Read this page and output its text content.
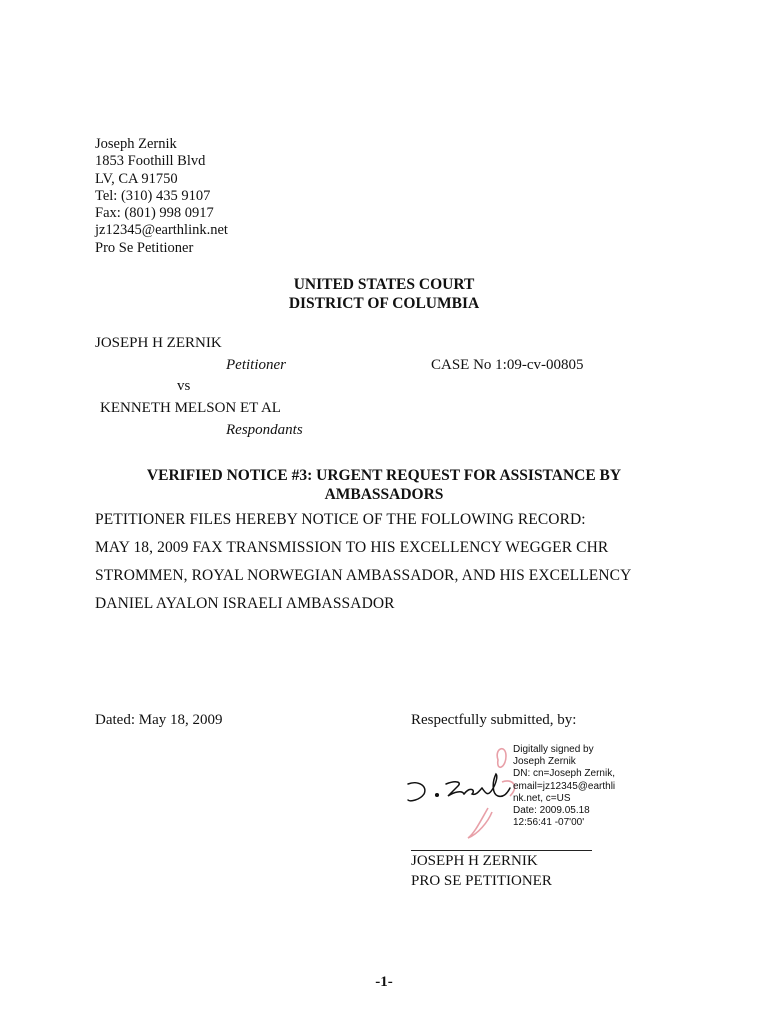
Joseph Zernik
1853 Foothill Blvd
LV, CA 91750
Tel: (310) 435 9107
Fax: (801) 998 0917
jz12345@earthlink.net
Pro Se Petitioner
UNITED STATES COURT
DISTRICT OF COLUMBIA
JOSEPH H ZERNIK
Petitioner	CASE No 1:09-cv-00805
vs
KENNETH MELSON ET AL
Respondants
VERIFIED NOTICE #3: URGENT REQUEST FOR ASSISTANCE BY
AMBASSADORS
PETITIONER FILES HEREBY NOTICE OF THE FOLLOWING RECORD:
MAY 18, 2009 FAX TRANSMISSION TO HIS EXCELLENCY WEGGER CHR
STROMMEN, ROYAL NORWEGIAN AMBASSADOR, AND HIS EXCELLENCY
DANIEL AYALON ISRAELI AMBASSADOR
Dated: May 18, 2009	Respectfully submitted, by:
Digitally signed by
Joseph Zernik
DN: cn=Joseph Zernik,
email=jz12345@earthli
nk.net, c=US
Date: 2009.05.18
12:56:41 -07'00'
JOSEPH H ZERNIK
PRO SE PETITIONER
-1-
